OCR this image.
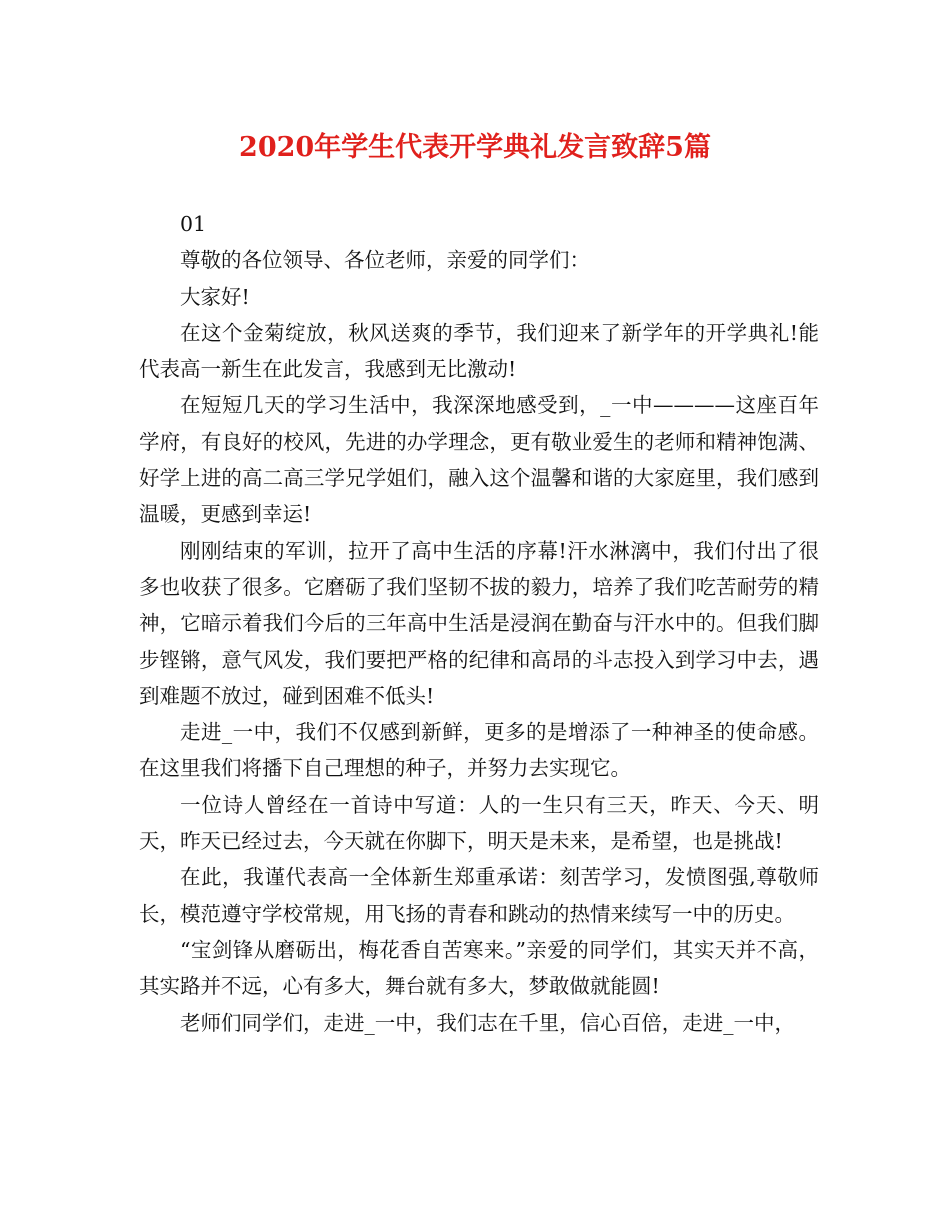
2020年学生代表开学典礼发言致辞5篇

01

尊敬的各位领导、各位老师，亲爱的同学们：

大家好!

在这个金菊绽放，秋风送爽的季节，我们迎来了新学年的开学典礼!能代表高一新生在此发言，我感到无比激动!

在短短几天的学习生活中，我深深地感受到，_一中————这座百年学府，有良好的校风，先进的办学理念，更有敬业爱生的老师和精神饱满、好学上进的高二高三学兄学姐们，融入这个温馨和谐的大家庭里，我们感到温暖，更感到幸运!

刚刚结束的军训，拉开了高中生活的序幕!汗水淋漓中，我们付出了很多也收获了很多。它磨砺了我们坚韧不拔的毅力，培养了我们吃苦耐劳的精神，它暗示着我们今后的三年高中生活是浸润在勤奋与汗水中的。但我们脚步铿锵，意气风发，我们要把严格的纪律和高昂的斗志投入到学习中去，遇到难题不放过，碰到困难不低头!

走进_一中，我们不仅感到新鲜，更多的是增添了一种神圣的使命感。在这里我们将播下自己理想的种子，并努力去实现它。

一位诗人曾经在一首诗中写道：人的一生只有三天，昨天、今天、明天，昨天已经过去，今天就在你脚下，明天是未来，是希望，也是挑战!

在此，我谨代表高一全体新生郑重承诺：刻苦学习，发愤图强,尊敬师长，模范遵守学校常规，用飞扬的青春和跳动的热情来续写一中的历史。

“宝剑锋从磨砺出，梅花香自苦寒来。”亲爱的同学们，其实天并不高，其实路并不远，心有多大，舞台就有多大，梦敢做就能圆!

老师们同学们，走进_一中，我们志在千里，信心百倍，走进_一中，
